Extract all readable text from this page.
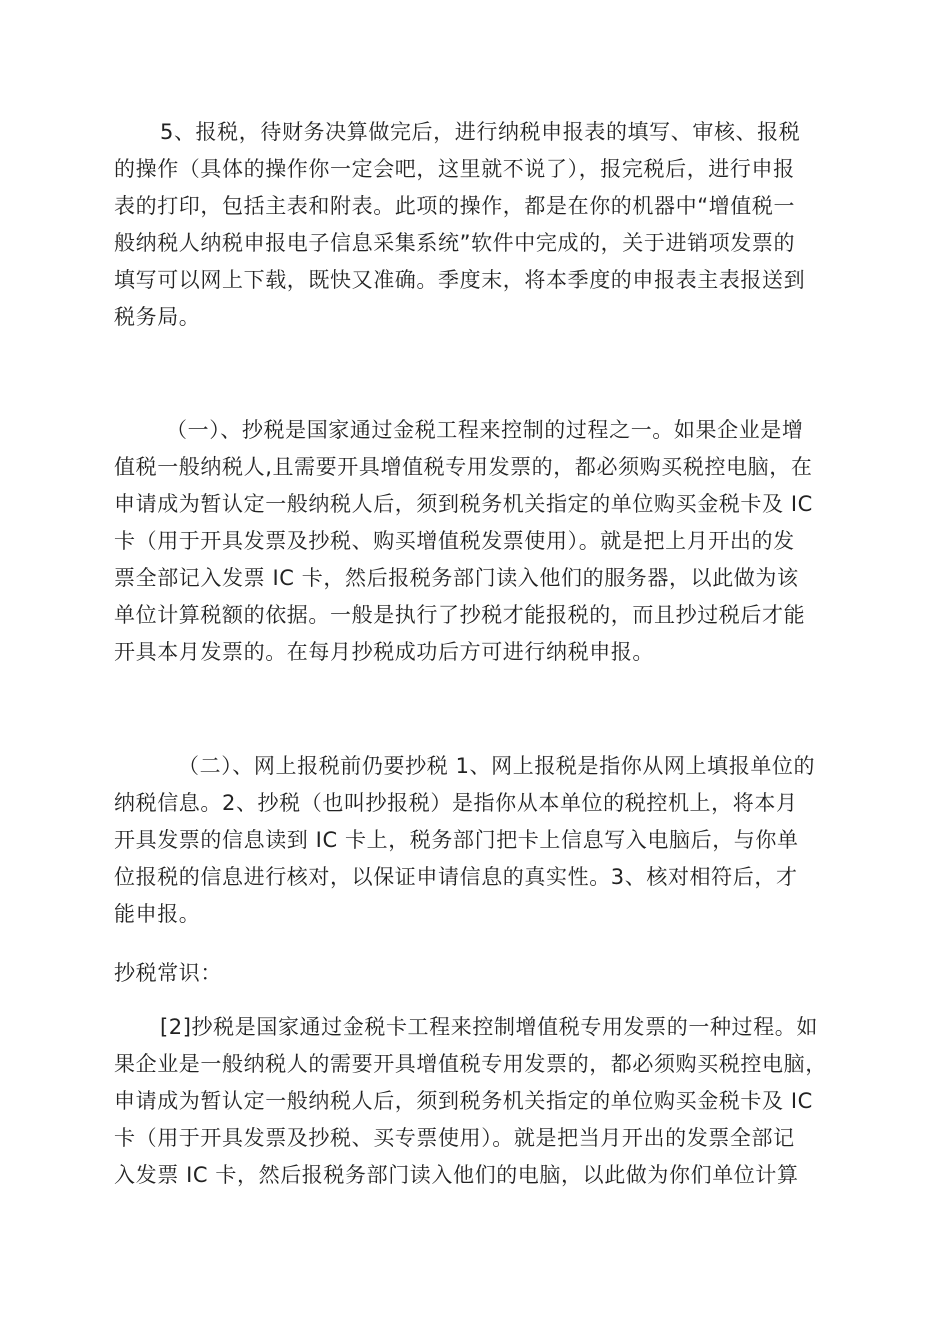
5、报税，待财务决算做完后，进行纳税申报表的填写、审核、报税
的操作（具体的操作你一定会吧，这里就不说了），报完税后，进行申报
表的打印，包括主表和附表。此项的操作，都是在你的机器中“增值税一
般纳税人纳税申报电子信息采集系统”软件中完成的，关于进销项发票的
填写可以网上下载，既快又准确。季度末，将本季度的申报表主表报送到
税务局。
（一）、抄税是国家通过金税工程来控制的过程之一。如果企业是增
值税一般纳税人,且需要开具增值税专用发票的，都必须购买税控电脑，在
申请成为暂认定一般纳税人后，须到税务机关指定的单位购买金税卡及 IC
卡（用于开具发票及抄税、购买增值税发票使用）。就是把上月开出的发
票全部记入发票 IC 卡，然后报税务部门读入他们的服务器，以此做为该
单位计算税额的依据。一般是执行了抄税才能报税的，而且抄过税后才能
开具本月发票的。在每月抄税成功后方可进行纳税申报。
（二）、网上报税前仍要抄税 1、网上报税是指你从网上填报单位的
纳税信息。2、抄税（也叫抄报税）是指你从本单位的税控机上，将本月
开具发票的信息读到 IC 卡上，税务部门把卡上信息写入电脑后，与你单
位报税的信息进行核对，以保证申请信息的真实性。3、核对相符后，才
能申报。
抄税常识：
[2]抄税是国家通过金税卡工程来控制增值税专用发票的一种过程。如
果企业是一般纳税人的需要开具增值税专用发票的，都必须购买税控电脑，
申请成为暂认定一般纳税人后，须到税务机关指定的单位购买金税卡及 IC
卡（用于开具发票及抄税、买专票使用）。就是把当月开出的发票全部记
入发票 IC 卡，然后报税务部门读入他们的电脑，以此做为你们单位计算
